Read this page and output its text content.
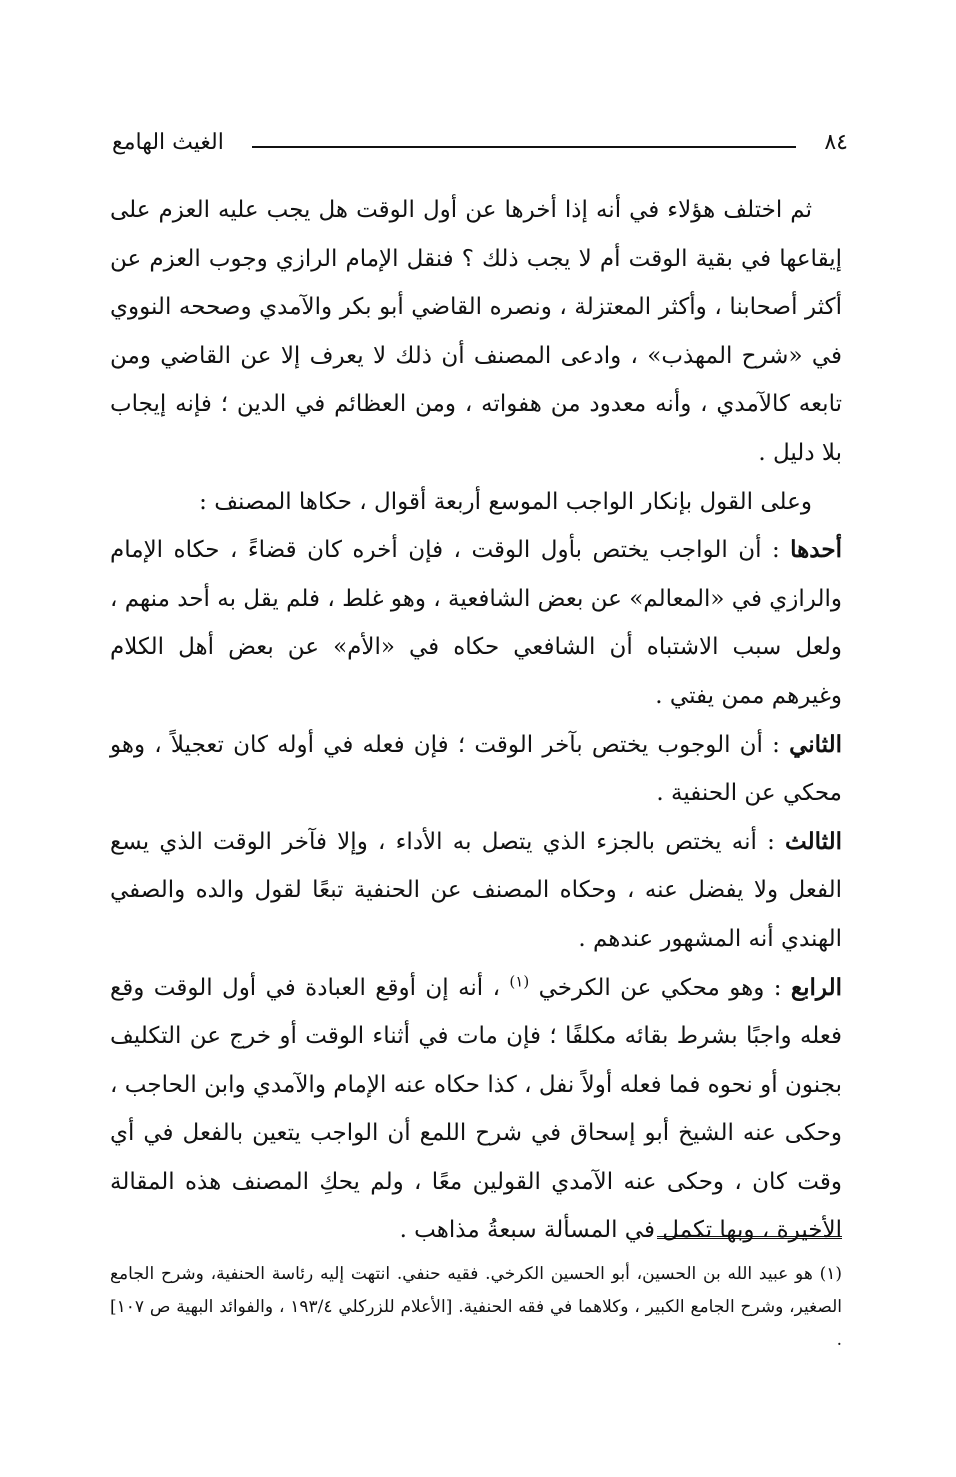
٨٤
الغيث الهامع

ثم اختلف هؤلاء في أنه إذا أخرها عن أول الوقت هل يجب عليه العزم على إيقاعها في بقية الوقت أم لا يجب ذلك ؟ فنقل الإمام الرازي وجوب العزم عن أكثر أصحابنا ، وأكثر المعتزلة ، ونصره القاضي أبو بكر والآمدي وصححه النووي في «شرح المهذب» ، وادعى المصنف أن ذلك لا يعرف إلا عن القاضي ومن تابعه كالآمدي ، وأنه معدود من هفواته ، ومن العظائم في الدين ؛ فإنه إيجاب بلا دليل .

وعلى القول بإنكار الواجب الموسع أربعة أقوال ، حكاها المصنف :

أحدها : أن الواجب يختص بأول الوقت ، فإن أخره كان قضاءً ، حكاه الإمام والرازي في «المعالم» عن بعض الشافعية ، وهو غلط ، فلم يقل به أحد منهم ، ولعل سبب الاشتباه أن الشافعي حكاه في «الأم» عن بعض أهل الكلام وغيرهم ممن يفتي .

الثاني : أن الوجوب يختص بآخر الوقت ؛ فإن فعله في أوله كان تعجيلاً ، وهو محكي عن الحنفية .

الثالث : أنه يختص بالجزء الذي يتصل به الأداء ، وإلا فآخر الوقت الذي يسع الفعل ولا يفضل عنه ، وحكاه المصنف عن الحنفية تبعًا لقول والده والصفي الهندي أنه المشهور عندهم .

الرابع : وهو محكي عن الكرخي $^{(١)}$ ، أنه إن أوقع العبادة في أول الوقت وقع فعله واجبًا بشرط بقائه مكلفًا ؛ فإن مات في أثناء الوقت أو خرج عن التكليف بجنون أو نحوه فما فعله أولاً نفل ، كذا حكاه عنه الإمام والآمدي وابن الحاجب ، وحكى عنه الشيخ أبو إسحاق في شرح اللمع أن الواجب يتعين بالفعل في أي وقت كان ، وحكى عنه الآمدي القولين معًا ، ولم يحكِ المصنف هذه المقالة الأخيرة ، وبها تكمل في المسألة سبعةُ مذاهب .

(١) هو عبيد الله بن الحسين، أبو الحسين الكرخي. فقيه حنفي. انتهت إليه رئاسة الحنفية، وشرح الجامع الصغير، وشرح الجامع الكبير ، وكلاهما في فقه الحنفية. [الأعلام للزركلي ١٩٣/٤ ، والفوائد البهية ص ١٠٧] .
